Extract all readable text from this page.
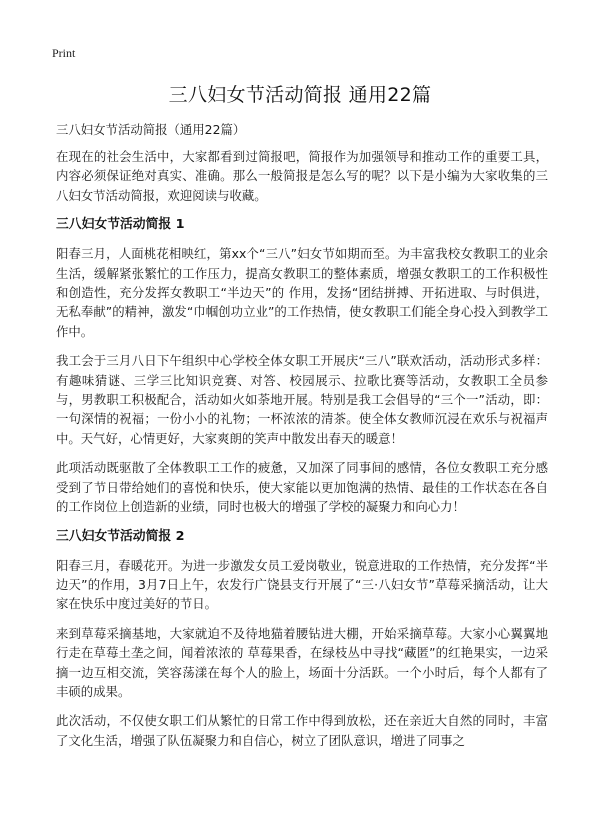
Print
三八妇女节活动简报 通用22篇
三八妇女节活动简报（通用22篇）

在现在的社会生活中，大家都看到过简报吧，简报作为加强领导和推动工作的重要工具，内容必须保证绝对真实、准确。那么一般简报是怎么写的呢？以下是小编为大家收集的三八妇女节活动简报，欢迎阅读与收藏。

三八妇女节活动简报 1

阳春三月，人面桃花相映红，第xx个“三八”妇女节如期而至。为丰富我校女教职工的业余生活，缓解紧张繁忙的工作压力，提高女教职工的整体素质，增强女教职工的工作积极性和创造性，充分发挥女教职工“半边天”的 作用，发扬“团结拼搏、开拓进取、与时俱进，无私奉献”的精神，激发“巾帼创功立业”的工作热情，使女教职工们能全身心投入到教学工作中。

我工会于三月八日下午组织中心学校全体女职工开展庆“三八”联欢活动，活动形式多样：有趣味猜谜、三学三比知识竞赛、对答、校园展示、拉歌比赛等活动，女教职工全员参与，男教职工积极配合，活动如火如荼地开展。特别是我工会倡导的“三个一”活动，即：一句深情的祝福；一份小小的礼物；一杯浓浓的清茶。使全体女教师沉浸在欢乐与祝福声中。天气好，心情更好，大家爽朗的笑声中散发出春天的暖意！

此项活动既驱散了全体教职工工作的疲惫，又加深了同事间的感情，各位女教职工充分感受到了节日带给她们的喜悦和快乐，使大家能以更加饱满的热情、最佳的工作状态在各自的工作岗位上创造新的业绩，同时也极大的增强了学校的凝聚力和向心力！

三八妇女节活动简报 2

阳春三月，春暖花开。为进一步激发女员工爱岗敬业，锐意进取的工作热情，充分发挥“半边天”的作用，3月7日上午，农发行广饶县支行开展了“三·八妇女节”草莓采摘活动，让大家在快乐中度过美好的节日。

来到草莓采摘基地，大家就迫不及待地猫着腰钻进大棚，开始采摘草莓。大家小心翼翼地行走在草莓土垄之间，闻着浓浓的 草莓果香，在绿枝丛中寻找“藏匿”的红艳果实，一边采摘一边互相交流，笑容荡漾在每个人的脸上，场面十分活跃。一个小时后，每个人都有了丰硕的成果。

此次活动，不仅使女职工们从繁忙的日常工作中得到放松，还在亲近大自然的同时，丰富了文化生活，增强了队伍凝聚力和自信心，树立了团队意识，增进了同事之
